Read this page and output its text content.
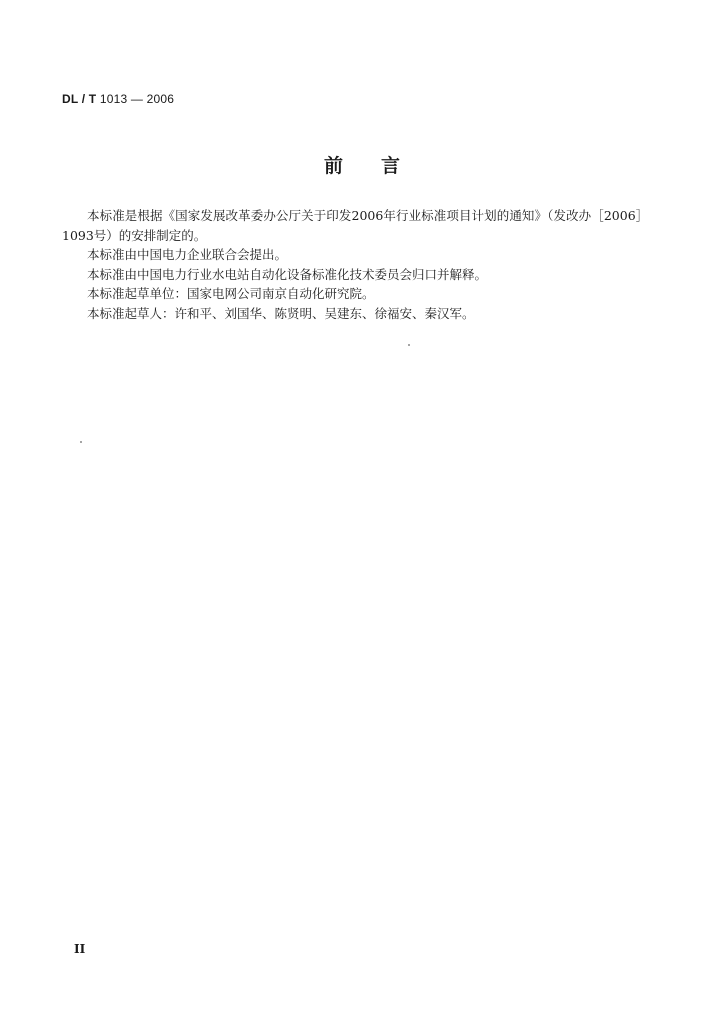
DL / T 1013 — 2006
前言

本标准是根据《国家发展改革委办公厅关于印发2006年行业标准项目计划的通知》（发改办［2006］1093号）的安排制定的。

本标准由中国电力企业联合会提出。

本标准由中国电力行业水电站自动化设备标准化技术委员会归口并解释。

本标准起草单位：国家电网公司南京自动化研究院。

本标准起草人：许和平、刘国华、陈贤明、吴建东、徐福安、秦汉军。

II
